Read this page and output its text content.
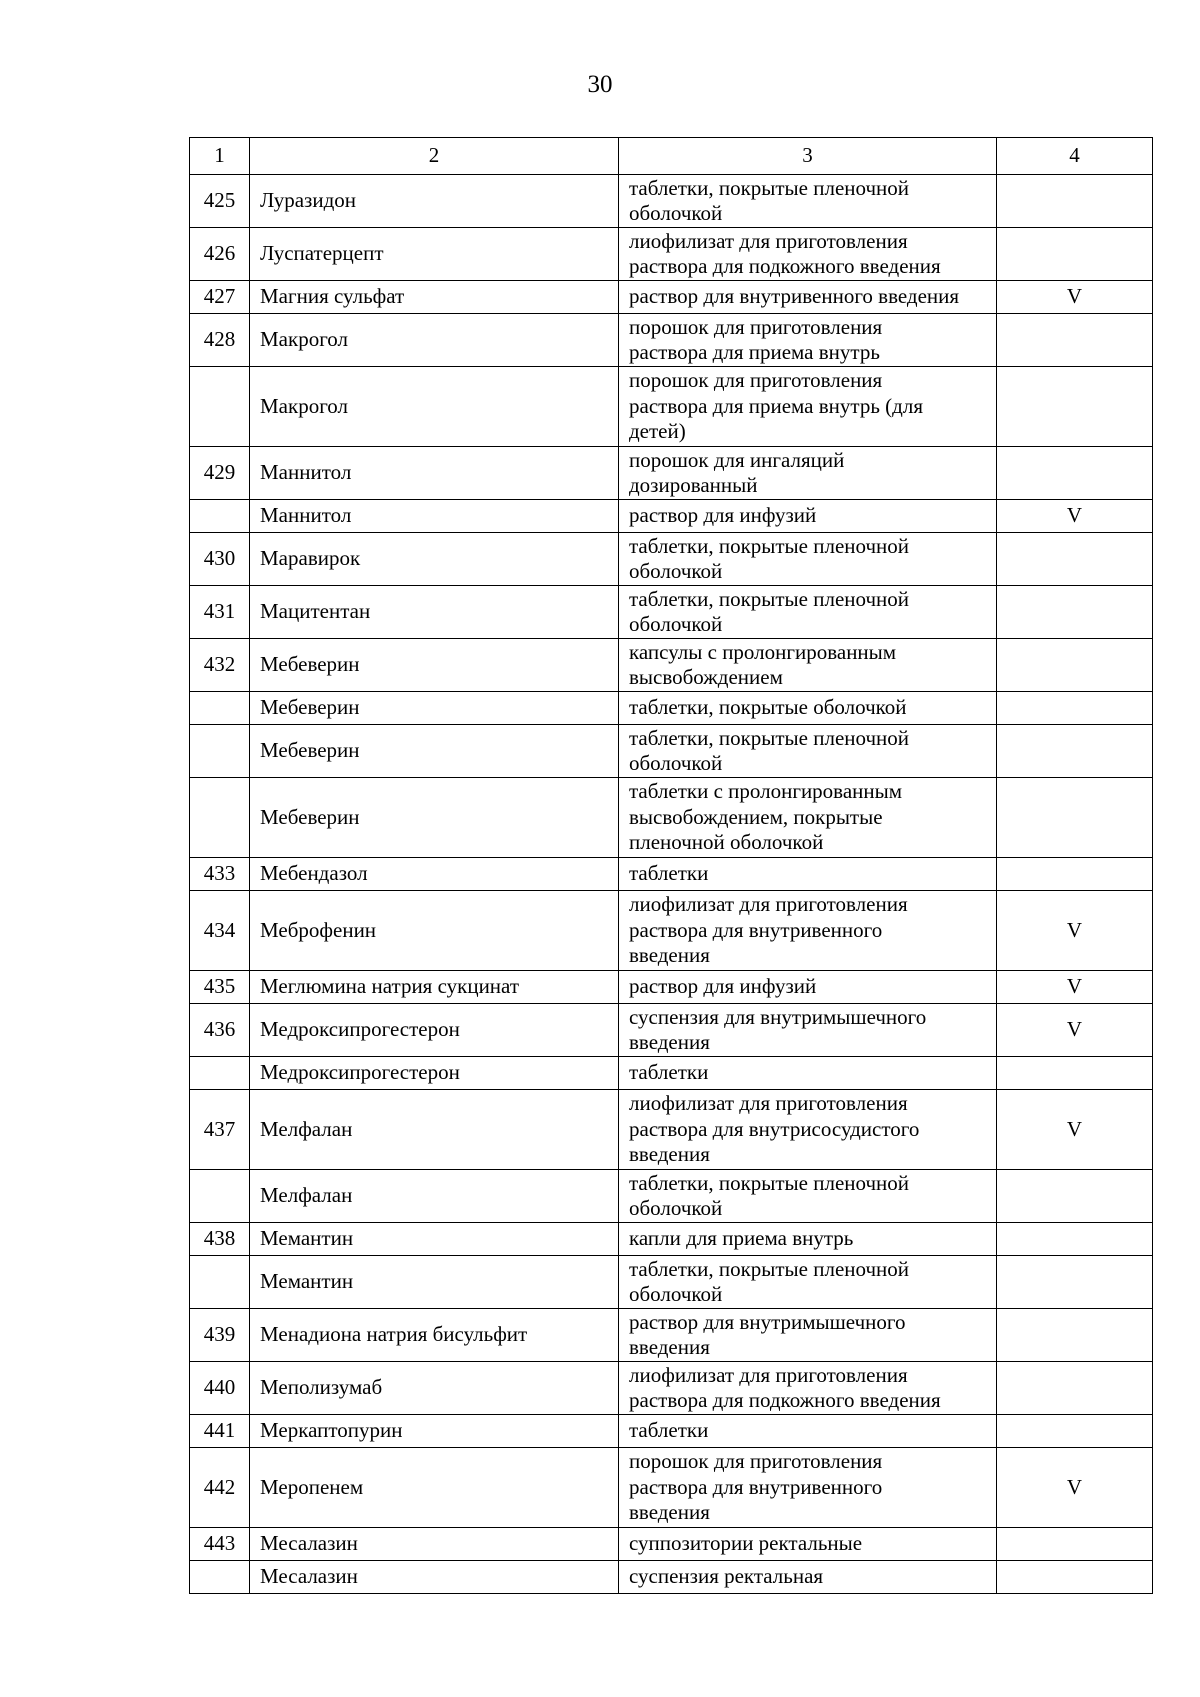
30
1	2	3	4
425	Луразидон	таблетки, покрытые пленочной
оболочкой	
426	Луспатерцепт	лиофилизат для приготовления
раствора для подкожного введения	
427	Магния сульфат	раствор для внутривенного введения	V
428	Макрогол	порошок для приготовления
раствора для приема внутрь	
	Макрогол	порошок для приготовления
раствора для приема внутрь (для
детей)	
429	Маннитол	порошок для ингаляций
дозированный	
	Маннитол	раствор для инфузий	V
430	Маравирок	таблетки, покрытые пленочной
оболочкой	
431	Мацитентан	таблетки, покрытые пленочной
оболочкой	
432	Мебеверин	капсулы с пролонгированным
высвобождением	
	Мебеверин	таблетки, покрытые оболочкой	
	Мебеверин	таблетки, покрытые пленочной
оболочкой	
	Мебеверин	таблетки с пролонгированным
высвобождением, покрытые
пленочной оболочкой	
433	Мебендазол	таблетки	
434	Меброфенин	лиофилизат для приготовления
раствора для внутривенного
введения	V
435	Меглюмина натрия сукцинат	раствор для инфузий	V
436	Медроксипрогестерон	суспензия для внутримышечного
введения	V
	Медроксипрогестерон	таблетки	
437	Мелфалан	лиофилизат для приготовления
раствора для внутрисосудистого
введения	V
	Мелфалан	таблетки, покрытые пленочной
оболочкой	
438	Мемантин	капли для приема внутрь	
	Мемантин	таблетки, покрытые пленочной
оболочкой	
439	Менадиона натрия бисульфит	раствор для внутримышечного
введения	
440	Меполизумаб	лиофилизат для приготовления
раствора для подкожного введения	
441	Меркаптопурин	таблетки	
442	Меропенем	порошок для приготовления
раствора для внутривенного
введения	V
443	Месалазин	суппозитории ректальные	
	Месалазин	суспензия ректальная	
